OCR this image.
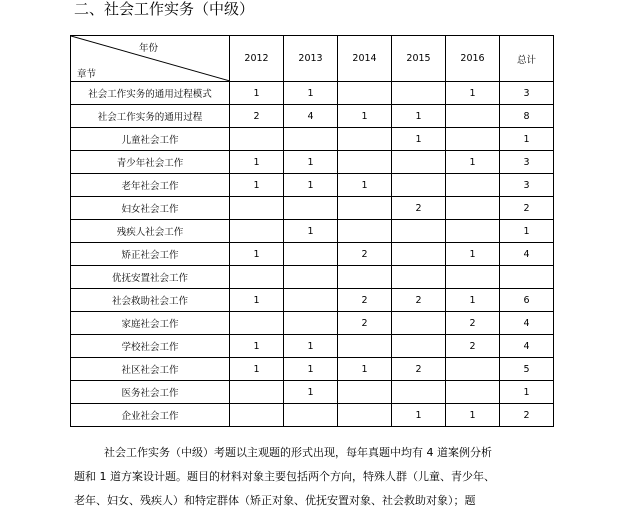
二、社会工作实务（中级）
年份
章节	2012	2013	2014	2015	2016	总计
社会工作实务的通用过程模式	1	1			1	3
社会工作实务的通用过程	2	4	1	1		8
儿童社会工作				1		1
青少年社会工作	1	1			1	3
老年社会工作	1	1	1			3
妇女社会工作				2		2
残疾人社会工作		1				1
矫正社会工作	1		2		1	4
优抚安置社会工作						
社会救助社会工作	1		2	2	1	6
家庭社会工作			2		2	4
学校社会工作	1	1			2	4
社区社会工作	1	1	1	2		5
医务社会工作		1				1
企业社会工作				1	1	2

社会工作实务（中级）考题以主观题的形式出现，每年真题中均有 4 道案例分析

题和 1 道方案设计题。题目的材料对象主要包括两个方向，特殊人群（儿童、青少年、

老年、妇女、残疾人）和特定群体（矫正对象、优抚安置对象、社会救助对象）；题
